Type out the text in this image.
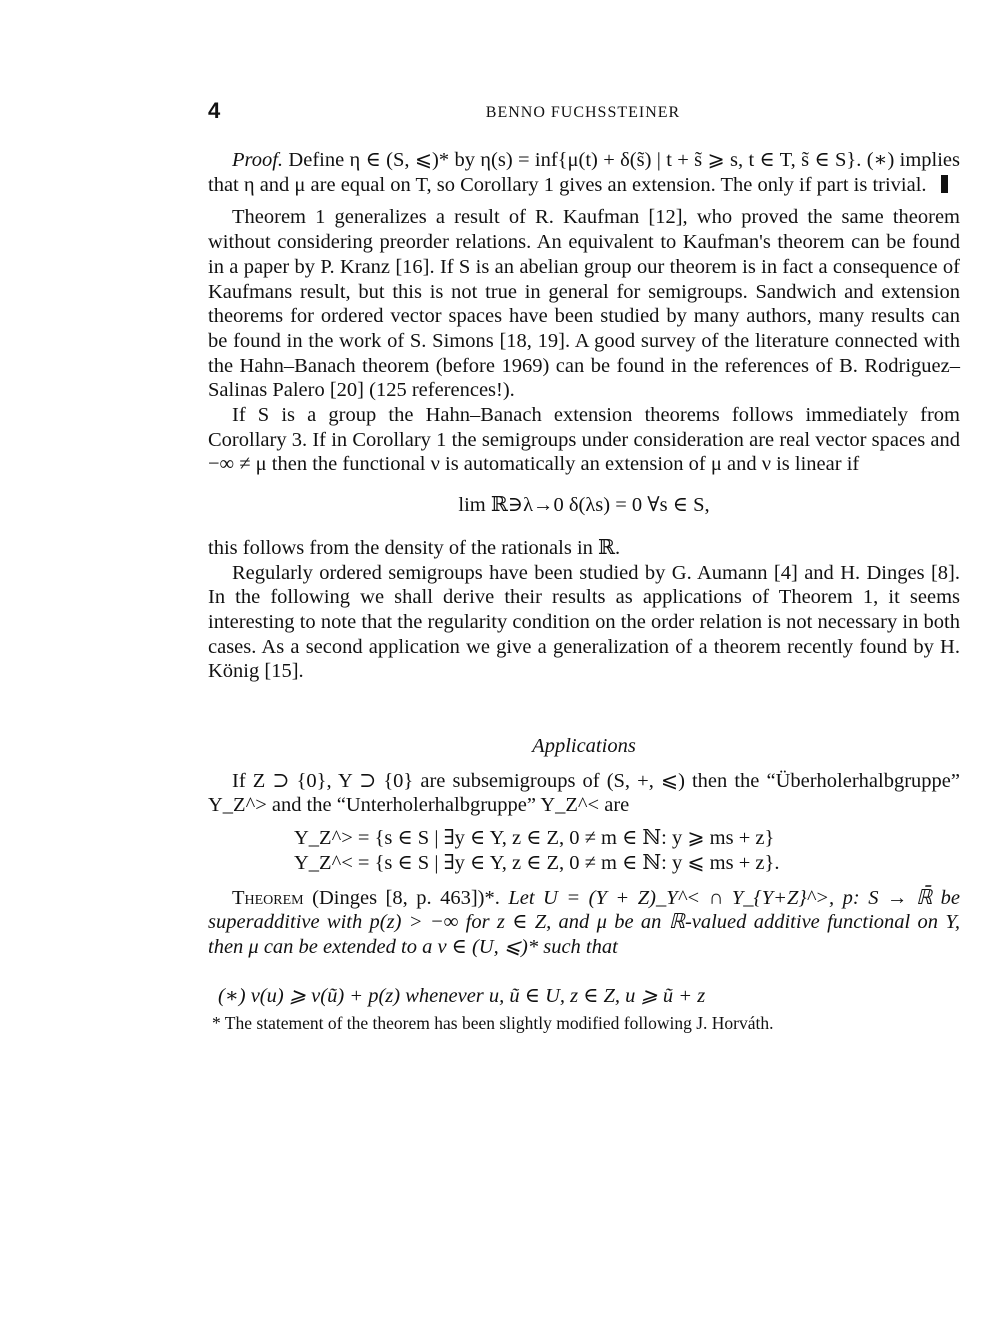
4	BENNO FUCHSSTEINER

Proof. Define η ∈ (S, ⩽)* by η(s) = inf{μ(t) + δ(s̃) | t + s̃ ⩾ s, t ∈ T, s̃ ∈ S}. (∗) implies that η and μ are equal on T, so Corollary 1 gives an extension. The only if part is trivial.

Theorem 1 generalizes a result of R. Kaufman [12], who proved the same theorem without considering preorder relations. An equivalent to Kaufman's theorem can be found in a paper by P. Kranz [16]. If S is an abelian group our theorem is in fact a consequence of Kaufmans result, but this is not true in general for semigroups. Sandwich and extension theorems for ordered vector spaces have been studied by many authors, many results can be found in the work of S. Simons [18, 19]. A good survey of the literature connected with the Hahn–Banach theorem (before 1969) can be found in the references of B. Rodriguez–Salinas Palero [20] (125 references!).

If S is a group the Hahn–Banach extension theorems follows immediately from Corollary 3. If in Corollary 1 the semigroups under consideration are real vector spaces and −∞ ≠ μ then the functional ν is automatically an extension of μ and ν is linear if

lim ℝ∋λ→0 δ(λs) = 0 ∀s ∈ S,

this follows from the density of the rationals in ℝ.

Regularly ordered semigroups have been studied by G. Aumann [4] and H. Dinges [8]. In the following we shall derive their results as applications of Theorem 1, it seems interesting to note that the regularity condition on the order relation is not necessary in both cases. As a second application we give a generalization of a theorem recently found by H. König [15].

Applications

If Z ⊃ {0}, Y ⊃ {0} are subsemigroups of (S, +, ⩽) then the “Überholerhalbgruppe” Y_Z^> and the “Unterholerhalbgruppe” Y_Z^< are

Y_Z^> = {s ∈ S | ∃y ∈ Y, z ∈ Z, 0 ≠ m ∈ ℕ: y ⩾ ms + z}
Y_Z^< = {s ∈ S | ∃y ∈ Y, z ∈ Z, 0 ≠ m ∈ ℕ: y ⩽ ms + z}.

Theorem (Dinges [8, p. 463])*. Let U = (Y + Z)_Y^< ∩ Y_{Y+Z}^>, p: S → ℝ̄ be superadditive with p(z) > −∞ for z ∈ Z, and μ be an ℝ-valued additive functional on Y, then μ can be extended to a ν ∈ (U, ⩽)* such that

(∗) ν(u) ⩾ ν(ũ) + p(z) whenever u, ũ ∈ U, z ∈ Z, u ⩾ ũ + z

* The statement of the theorem has been slightly modified following J. Horváth.
